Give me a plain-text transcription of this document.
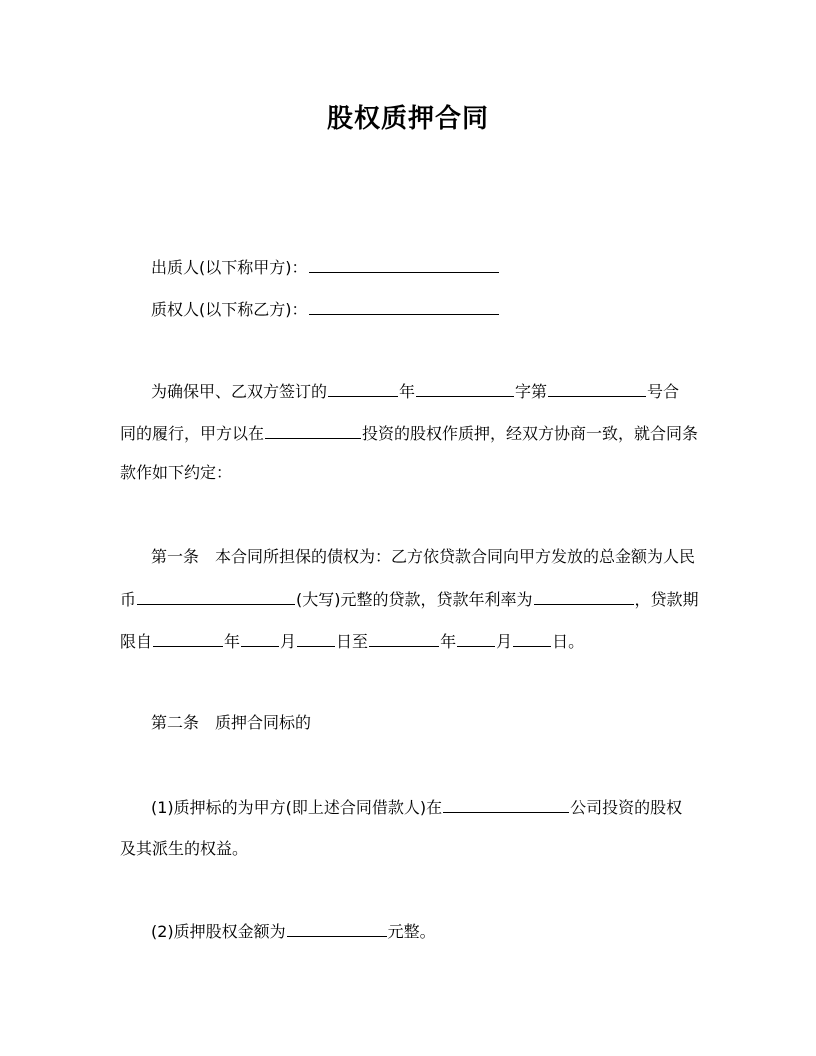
股权质押合同
出质人(以下称甲方)：
质权人(以下称乙方)：
为确保甲、乙双方签订的	年	字第	号合
同的履行，甲方以在	投资的股权作质押，经双方协商一致，就合同条
款作如下约定：
第一条　本合同所担保的债权为：乙方依贷款合同向甲方发放的总金额为人民
币	(大写)元整的贷款，贷款年利率为	，贷款期
限自	年	月	日至	年	月	日。
第二条　质押合同标的
(1)质押标的为甲方(即上述合同借款人)在	公司投资的股权
及其派生的权益。
(2)质押股权金额为	元整。
